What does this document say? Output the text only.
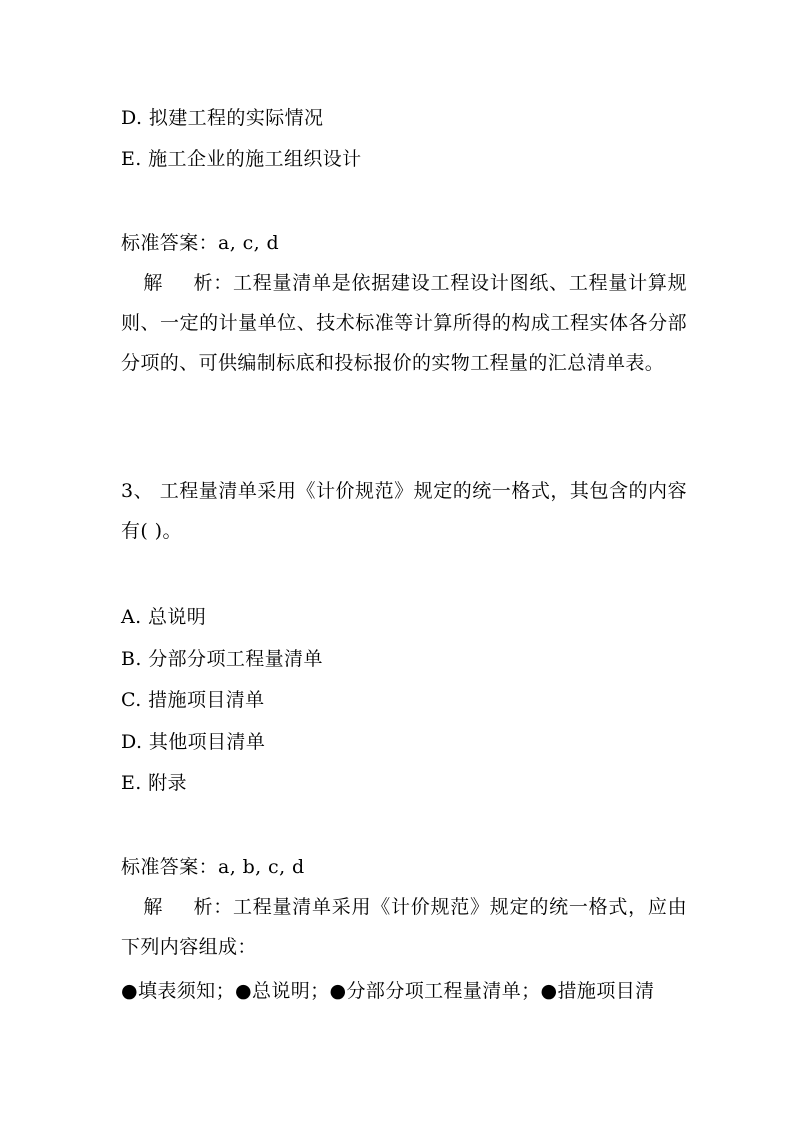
D. 拟建工程的实际情况
E. 施工企业的施工组织设计
标准答案：a, c, d
解 析：工程量清单是依据建设工程设计图纸、工程量计算规则、一定的计量单位、技术标准等计算所得的构成工程实体各分部分项的、可供编制标底和投标报价的实物工程量的汇总清单表。
3、 工程量清单采用《计价规范》规定的统一格式，其包含的内容有( )。
A. 总说明
B. 分部分项工程量清单
C. 措施项目清单
D. 其他项目清单
E. 附录
标准答案：a, b, c, d
解 析：工程量清单采用《计价规范》规定的统一格式，应由下列内容组成：
●填表须知；●总说明；●分部分项工程量清单；●措施项目清
